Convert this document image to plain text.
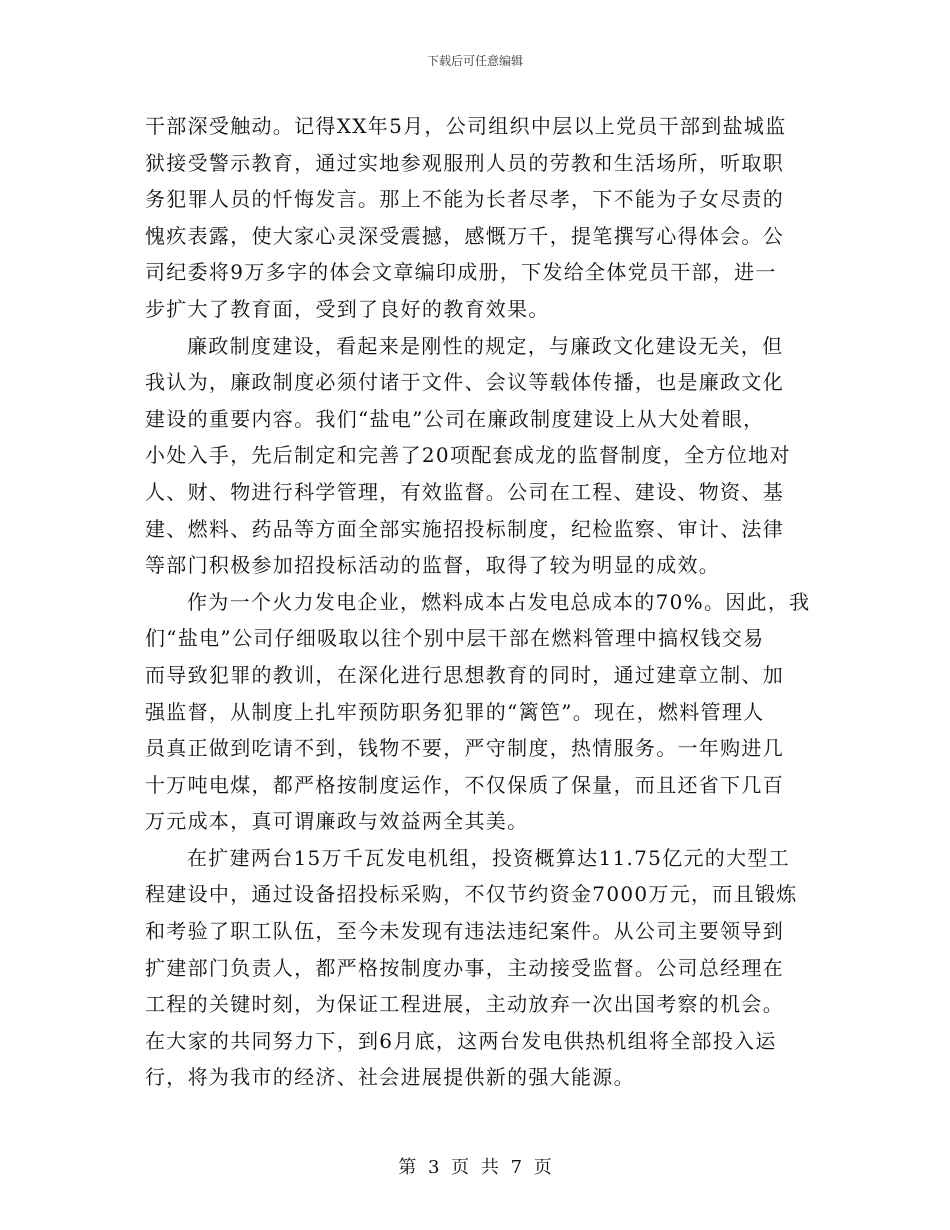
下载后可任意编辑
干部深受触动。记得XX年5月，公司组织中层以上党员干部到盐城监
狱接受警示教育，通过实地参观服刑人员的劳教和生活场所，听取职
务犯罪人员的忏悔发言。那上不能为长者尽孝，下不能为子女尽责的
愧疚表露，使大家心灵深受震撼，感慨万千，提笔撰写心得体会。公
司纪委将9万多字的体会文章编印成册，下发给全体党员干部，进一
步扩大了教育面，受到了良好的教育效果。
廉政制度建设，看起来是刚性的规定，与廉政文化建设无关，但
我认为，廉政制度必须付诸于文件、会议等载体传播，也是廉政文化
建设的重要内容。我们“盐电”公司在廉政制度建设上从大处着眼，
小处入手，先后制定和完善了20项配套成龙的监督制度，全方位地对
人、财、物进行科学管理，有效监督。公司在工程、建设、物资、基
建、燃料、药品等方面全部实施招投标制度，纪检监察、审计、法律
等部门积极参加招投标活动的监督，取得了较为明显的成效。
作为一个火力发电企业，燃料成本占发电总成本的70%。因此，我
们“盐电”公司仔细吸取以往个别中层干部在燃料管理中搞权钱交易
而导致犯罪的教训，在深化进行思想教育的同时，通过建章立制、加
强监督，从制度上扎牢预防职务犯罪的“篱笆”。现在，燃料管理人
员真正做到吃请不到，钱物不要，严守制度，热情服务。一年购进几
十万吨电煤，都严格按制度运作，不仅保质了保量，而且还省下几百
万元成本，真可谓廉政与效益两全其美。
在扩建两台15万千瓦发电机组，投资概算达11.75亿元的大型工
程建设中，通过设备招投标采购，不仅节约资金7000万元，而且锻炼
和考验了职工队伍，至今未发现有违法违纪案件。从公司主要领导到
扩建部门负责人，都严格按制度办事，主动接受监督。公司总经理在
工程的关键时刻，为保证工程进展，主动放弃一次出国考察的机会。
在大家的共同努力下，到6月底，这两台发电供热机组将全部投入运
行，将为我市的经济、社会进展提供新的强大能源。
第 3 页 共 7 页
